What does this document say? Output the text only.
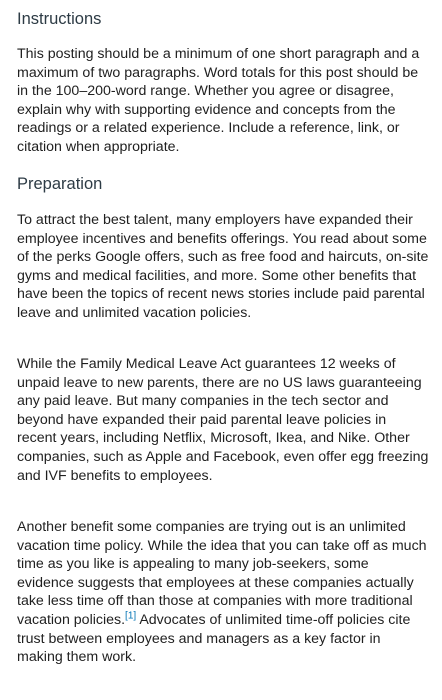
Instructions

This posting should be a minimum of one short paragraph and a maximum of two paragraphs. Word totals for this post should be in the 100–200-word range. Whether you agree or disagree, explain why with supporting evidence and concepts from the readings or a related experience. Include a reference, link, or citation when appropriate.

Preparation

To attract the best talent, many employers have expanded their employee incentives and benefits offerings. You read about some of the perks Google offers, such as free food and haircuts, on-site gyms and medical facilities, and more. Some other benefits that have been the topics of recent news stories include paid parental leave and unlimited vacation policies.

While the Family Medical Leave Act guarantees 12 weeks of unpaid leave to new parents, there are no US laws guaranteeing any paid leave. But many companies in the tech sector and beyond have expanded their paid parental leave policies in recent years, including Netflix, Microsoft, Ikea, and Nike. Other companies, such as Apple and Facebook, even offer egg freezing and IVF benefits to employees.

Another benefit some companies are trying out is an unlimited vacation time policy. While the idea that you can take off as much time as you like is appealing to many job-seekers, some evidence suggests that employees at these companies actually take less time off than those at companies with more traditional vacation policies.[1] Advocates of unlimited time-off policies cite trust between employees and managers as a key factor in making them work.
